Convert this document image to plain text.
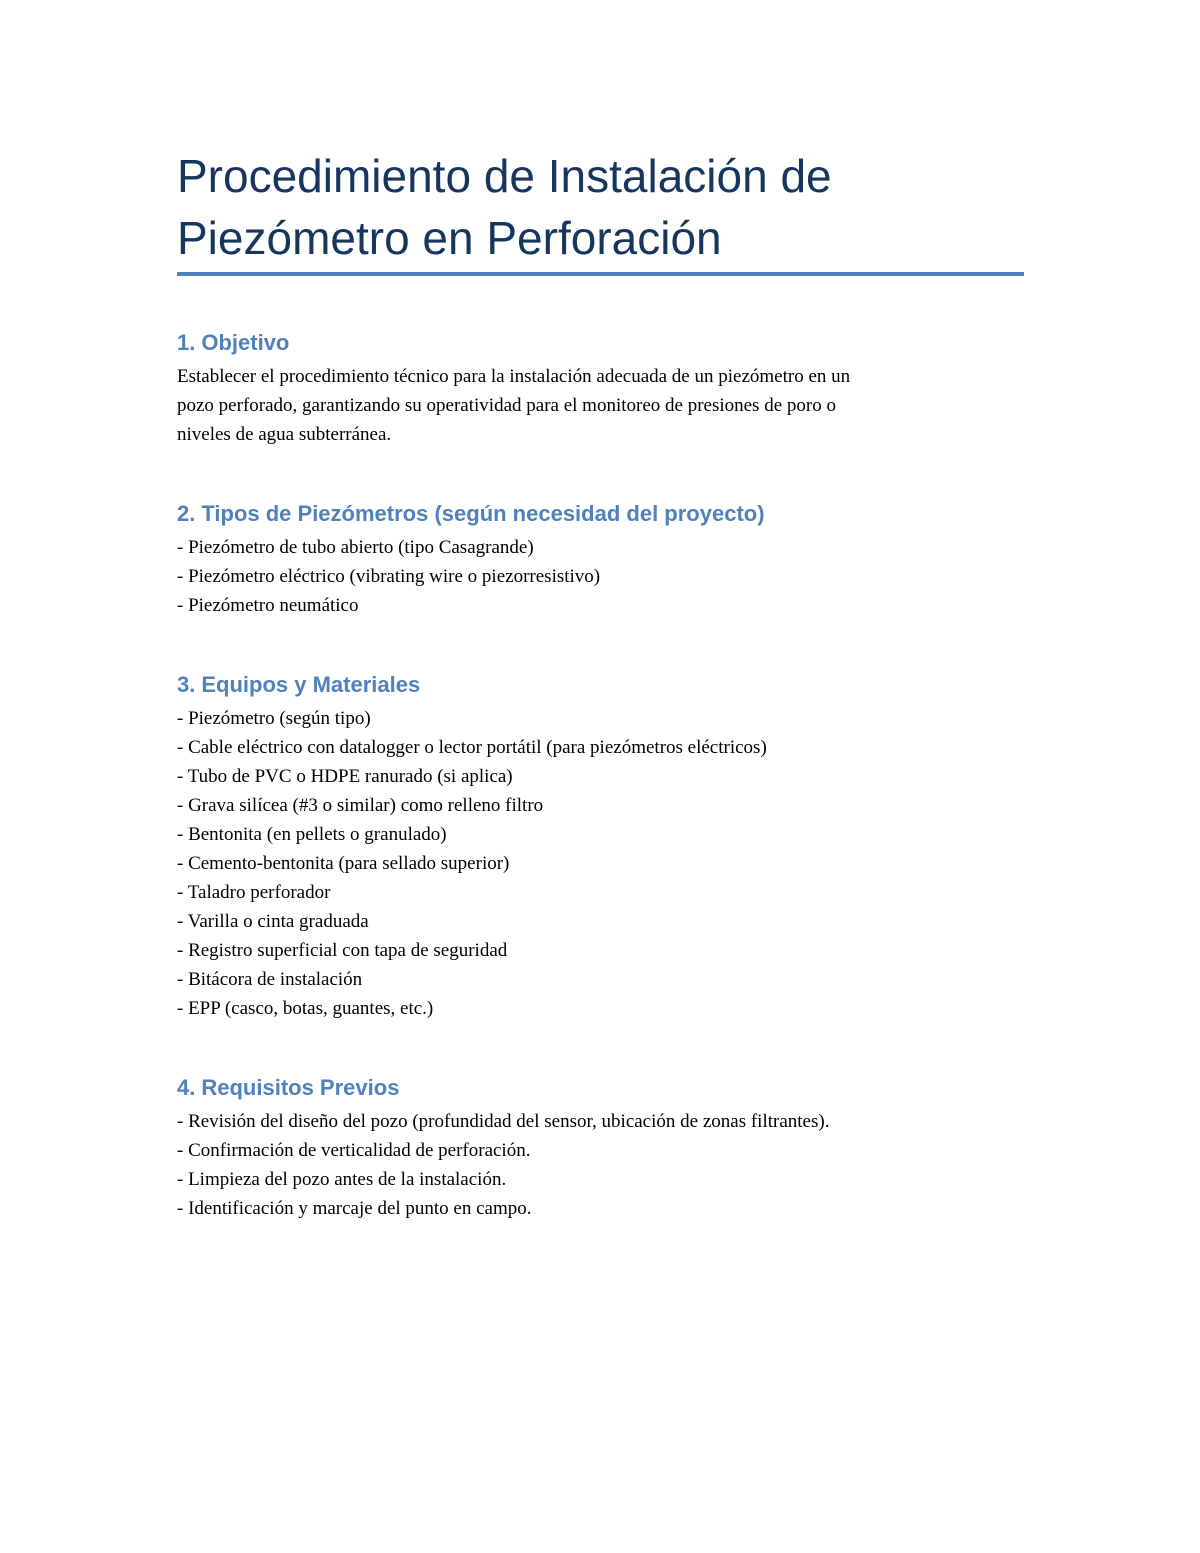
Procedimiento de Instalación de
Piezómetro en Perforación
1. Objetivo

Establecer el procedimiento técnico para la instalación adecuada de un piezómetro en un
pozo perforado, garantizando su operatividad para el monitoreo de presiones de poro o
niveles de agua subterránea.

2. Tipos de Piezómetros (según necesidad del proyecto)
- Piezómetro de tubo abierto (tipo Casagrande)
- Piezómetro eléctrico (vibrating wire o piezorresistivo)
- Piezómetro neumático
3. Equipos y Materiales
- Piezómetro (según tipo)
- Cable eléctrico con datalogger o lector portátil (para piezómetros eléctricos)
- Tubo de PVC o HDPE ranurado (si aplica)
- Grava silícea (#3 o similar) como relleno filtro
- Bentonita (en pellets o granulado)
- Cemento-bentonita (para sellado superior)
- Taladro perforador
- Varilla o cinta graduada
- Registro superficial con tapa de seguridad
- Bitácora de instalación
- EPP (casco, botas, guantes, etc.)
4. Requisitos Previos
- Revisión del diseño del pozo (profundidad del sensor, ubicación de zonas filtrantes).
- Confirmación de verticalidad de perforación.
- Limpieza del pozo antes de la instalación.
- Identificación y marcaje del punto en campo.
